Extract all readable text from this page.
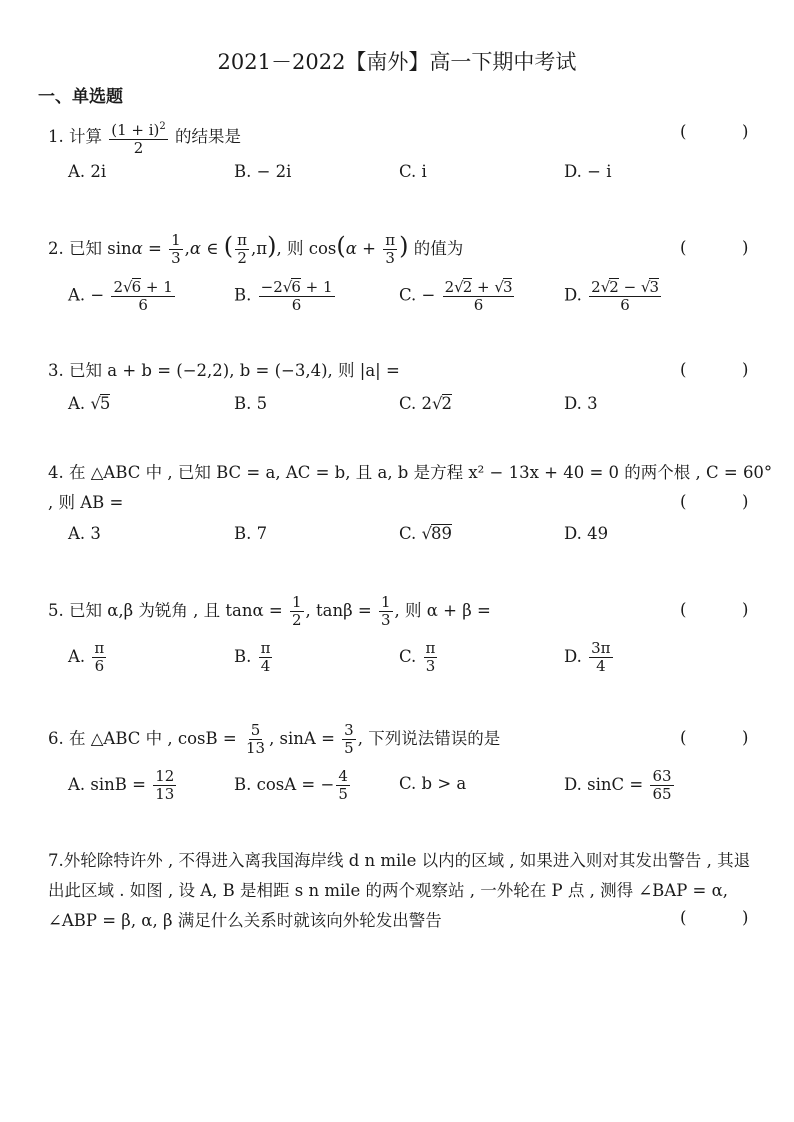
2021－2022【南外】高一下期中考试
一、单选题
1. 计算 $\frac{(1 + i)^2}{2}$ 的结果是	(	)
A. 2i	B. − 2i	C. i	D. − i
2. 已知 $\sin\alpha = \frac{1}{3} ,\alpha$ ∈ ( $\frac{\pi}{2} ,\pi$), 则 $\cos(\alpha + \frac{\pi}{3}$ ) 的值为	(	)
A. − $\frac{2√6 + 1}{6}$	B. $\frac{-2√6 + 1}{6}$	C. − $\frac{2√2 + √3}{6}$	D. $\frac{2√2 - √3}{6}$
3. 已知 a + b = (−2,2), b = (−3,4), 则 |a| =	(	)
A. √5	B. 5	C. 2√2	D. 3
4. 在 △ABC 中 , 已知 BC = a, AC = b, 且 a, b 是方程 x² − 13x + 40 = 0 的两个根 , C = 60°
, 则 AB =	(	)
A. 3	B. 7	C. √89	D. 49
5. 已知 α,β 为锐角 , 且 $\tan\alpha = \frac{1}{2}$ , $\tan\beta = \frac{1}{3}$ , 则 α + β =	(	)
A. $\frac{\pi}{6}$	B. $\frac{\pi}{4}$	C. $\frac{\pi}{3}$	D. $\frac{3\pi}{4}$
6. 在 △ABC 中 , $\cos B = \frac{5}{13}$ , $\sin A = \frac{3}{5}$ , 下列说法错误的是	(	)
A. $\sin B = \frac{12}{13}$	B. cosA = − $\frac{4}{5}$	C. b > a	D. $\sin C = \frac{63}{65}$
7.外轮除特许外 , 不得进入离我国海岸线 d n mile 以内的区域 , 如果进入则对其发出警告 , 其退出此区域 . 如图 , 设 A, B 是相距 s n mile 的两个观察站 , 一外轮在 P 点 , 测得 ∠BAP = α, ∠ABP = β, α, β 满足什么关系时就该向外轮发出警告	(	)
